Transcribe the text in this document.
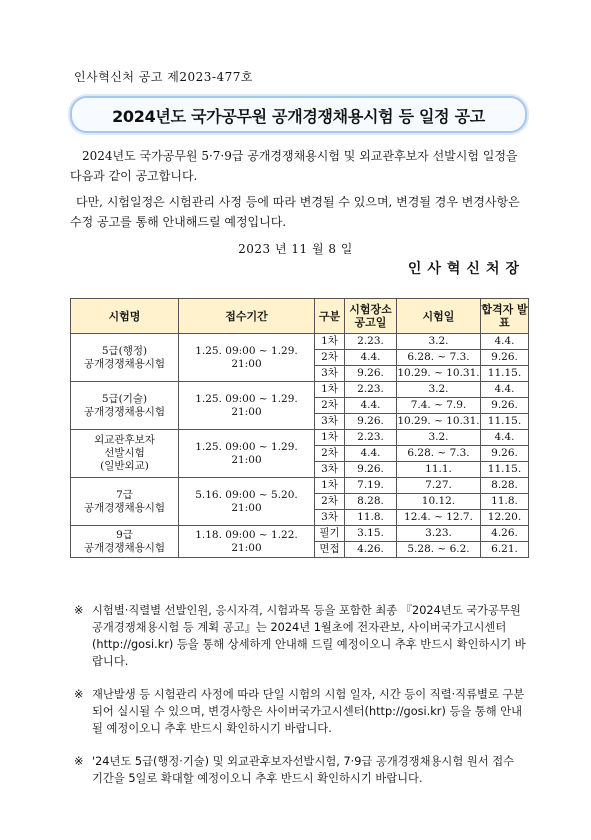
인사혁신처 공고 제2023-477호
2024년도 국가공무원 공개경쟁채용시험 등 일정 공고

2024년도 국가공무원 5·7·9급 공개경쟁채용시험 및 외교관후보자 선발시험 일정을 다음과 같이 공고합니다.

다만, 시험일정은 시험관리 사정 등에 따라 변경될 수 있으며, 변경될 경우 변경사항은 수정 공고를 통해 안내해드릴 예정입니다.

2023 년 11 월 8 일
인사혁신처장
시험명	접수기간	구분	시험장소 공고일	시험일	합격자 발표
5급(행정)
공개경쟁채용시험	1.25. 09:00 ~ 1.29. 21:00	1차	2.23.	3.2.	4.4.
		2차	4.4.	6.28. ~ 7.3.	9.26.
		3차	9.26.	10.29. ~ 10.31.	11.15.
5급(기술)
공개경쟁채용시험	1.25. 09:00 ~ 1.29. 21:00	1차	2.23.	3.2.	4.4.
		2차	4.4.	7.4. ~ 7.9.	9.26.
		3차	9.26.	10.29. ~ 10.31.	11.15.
외교관후보자
선발시험
(일반외교)	1.25. 09:00 ~ 1.29. 21:00	1차	2.23.	3.2.	4.4.
		2차	4.4.	6.28. ~ 7.3.	9.26.
		3차	9.26.	11.1.	11.15.
7급
공개경쟁채용시험	5.16. 09:00 ~ 5.20. 21:00	1차	7.19.	7.27.	8.28.
		2차	8.28.	10.12.	11.8.
		3차	11.8.	12.4. ~ 12.7.	12.20.
9급
공개경쟁채용시험	1.18. 09:00 ~ 1.22. 21:00	필기	3.15.	3.23.	4.26.
		면접	4.26.	5.28. ~ 6.2.	6.21.

※ 시험별·직렬별 선발인원, 응시자격, 시험과목 등을 포함한 최종 『2024년도 국가공무원 공개경쟁채용시험 등 계획 공고』는 2024년 1월초에 전자관보, 사이버국가고시센터(http://gosi.kr) 등을 통해 상세하게 안내해 드릴 예정이오니 추후 반드시 확인하시기 바랍니다.

※ 재난발생 등 시험관리 사정에 따라 단일 시험의 시험 일자, 시간 등이 직렬·직류별로 구분되어 실시될 수 있으며, 변경사항은 사이버국가고시센터(http://gosi.kr) 등을 통해 안내될 예정이오니 추후 반드시 확인하시기 바랍니다.

※ '24년도 5급(행정·기술) 및 외교관후보자선발시험, 7·9급 공개경쟁채용시험 원서 접수 기간을 5일로 확대할 예정이오니 추후 반드시 확인하시기 바랍니다.
